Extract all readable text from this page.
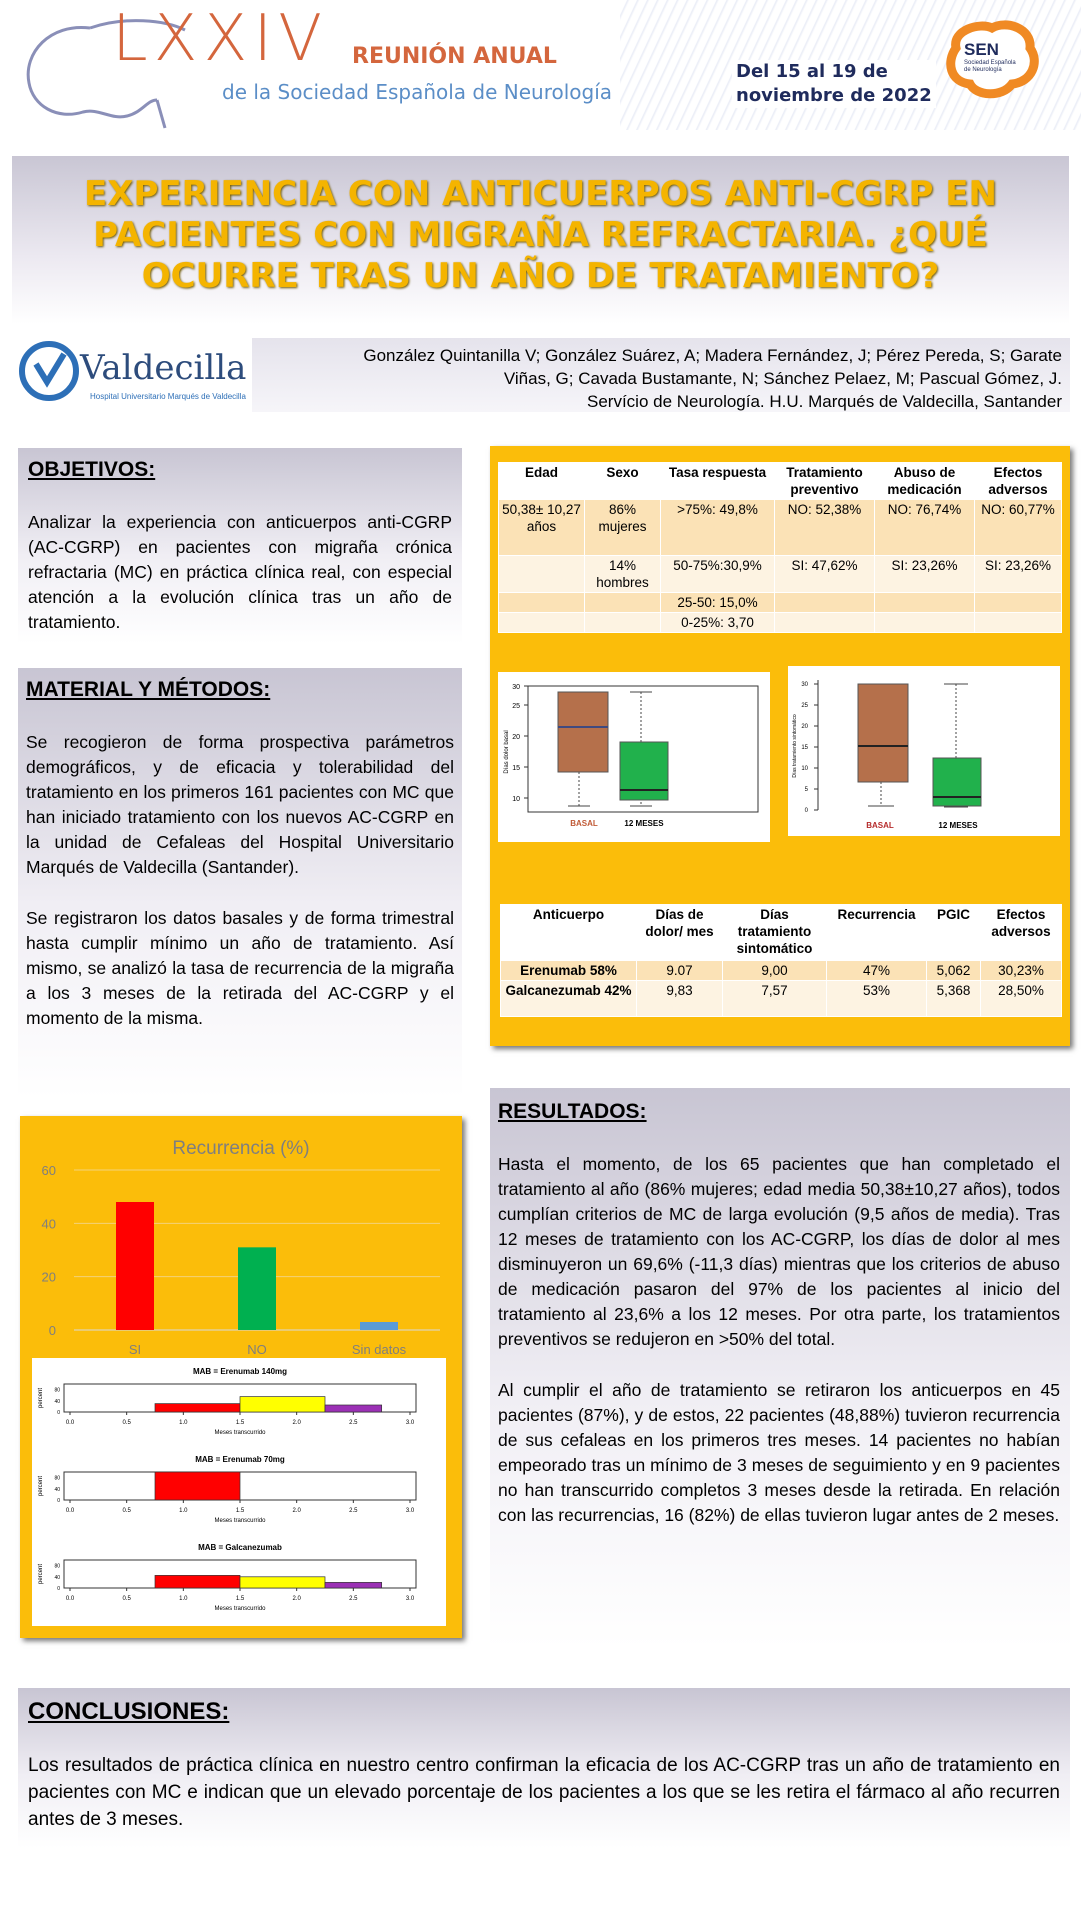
LXXIV REUNIÓN ANUAL
de la Sociedad Española de Neurología
Del 15 al 19 de
noviembre de 2022
SEN
Sociedad Española
de Neurología
EXPERIENCIA CON ANTICUERPOS ANTI-CGRP EN
PACIENTES CON MIGRAÑA REFRACTARIA. ¿QUÉ
OCURRE TRAS UN AÑO DE TRATAMIENTO?
Valdecilla
Hospital Universitario Marqués de Valdecilla
González Quintanilla V; González Suárez, A; Madera Fernández, J; Pérez Pereda, S; Garate
Viñas, G; Cavada Bustamante, N; Sánchez Pelaez, M; Pascual Gómez, J.
Servício de Neurología. H.U. Marqués de Valdecilla, Santander
OBJETIVOS:

Analizar la experiencia con anticuerpos anti-CGRP (AC-CGRP) en pacientes con migraña crónica refractaria (MC) en práctica clínica real, con especial atención a la evolución clínica tras un año de tratamiento.

MATERIAL Y MÉTODOS:

Se recogieron de forma prospectiva parámetros demográficos, y de eficacia y tolerabilidad del tratamiento en los primeros 161 pacientes con MC que han iniciado tratamiento con los nuevos AC-CGRP en la unidad de Cefaleas del Hospital Universitario Marqués de Valdecilla (Santander).

Se registraron los datos basales y de forma trimestral hasta cumplir mínimo un año de tratamiento. Así mismo, se analizó la tasa de recurrencia de la migraña a los 3 meses de la retirada del AC-CGRP y el momento de la misma.

Recurrencia (%)
0
20
40
60
SI	NO	Sin datos
MAB = Erenumab 140mg
0
40
80
percent
0.0	0.5	1.0	1.5	2.0	2.5	3.0
Meses transcurrido
MAB = Erenumab 70mg
0
40
80
percent
0.0	0.5	1.0	1.5	2.0	2.5	3.0
Meses transcurrido
MAB = Galcanezumab
0
40
80
percent
0.0	0.5	1.0	1.5	2.0	2.5	3.0
Meses transcurrido
Edad	Sexo	Tasa respuesta	Tratamiento preventivo	Abuso de medicación	Efectos adversos
50,38± 10,27 años	86% mujeres	>75%: 49,8%	NO: 52,38%	NO: 76,74%	NO: 60,77%
	14% hombres	50-75%:30,9%	SI: 47,62%	SI: 23,26%	SI: 23,26%
		25-50: 15,0%			
		0-25%: 3,70			
10
15
20
25
30
Días dolor basal
BASAL	12 MESES
0
5
10
15
20
25
30
Días tratamiento sintomático
BASAL	12 MESES
Anticuerpo	Días de dolor/ mes	Días tratamiento sintomático	Recurrencia	PGIC	Efectos adversos
Erenumab 58%	9.07	9,00	47%	5,062	30,23%
Galcanezumab 42%	9,83	7,57	53%	5,368	28,50%
RESULTADOS:

Hasta el momento, de los 65 pacientes que han completado el tratamiento al año (86% mujeres; edad media 50,38±10,27 años), todos cumplían criterios de MC de larga evolución (9,5 años de media). Tras 12 meses de tratamiento con los AC-CGRP, los días de dolor al mes disminuyeron un 69,6% (-11,3 días) mientras que los criterios de abuso de medicación pasaron del 97% de los pacientes al inicio del tratamiento al 23,6% a los 12 meses. Por otra parte, los tratamientos preventivos se redujeron en >50% del total.

Al cumplir el año de tratamiento se retiraron los anticuerpos en 45 pacientes (87%), y de estos, 22 pacientes (48,88%) tuvieron recurrencia de sus cefaleas en los primeros tres meses. 14 pacientes no habían empeorado tras un mínimo de 3 meses de seguimiento y en 9 pacientes no han transcurrido completos 3 meses desde la retirada. En relación con las recurrencias, 16 (82%) de ellas tuvieron lugar antes de 2 meses.

CONCLUSIONES:

Los resultados de práctica clínica en nuestro centro confirman la eficacia de los AC-CGRP tras un año de tratamiento en pacientes con MC e indican que un elevado porcentaje de los pacientes a los que se les retira el fármaco al año recurren antes de 3 meses.
